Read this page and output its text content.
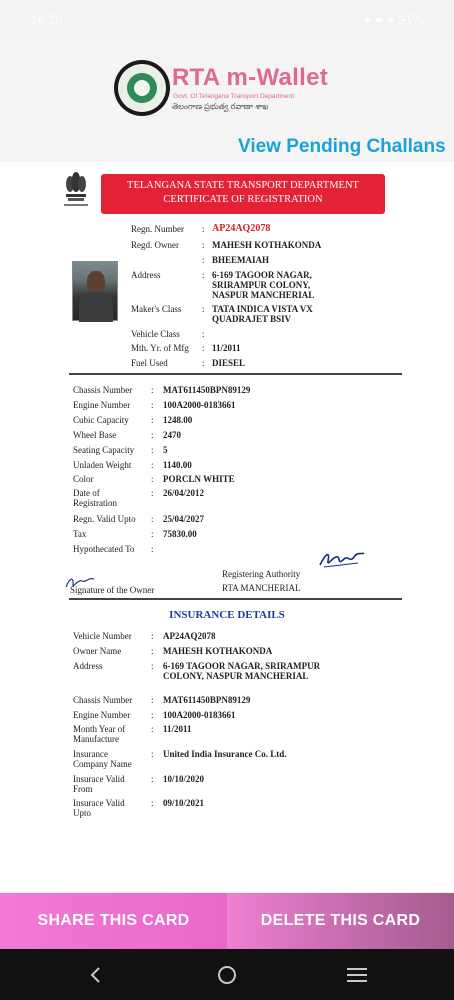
16:20	● ● ● 91%
RTA m-Wallet
Govt. Of Telangana Transport Department
తెలంగాణ ప్రభుత్వ రవాణా శాఖ
View Pending Challans
TELANGANA STATE TRANSPORT DEPARTMENT
CERTIFICATE OF REGISTRATION
Regn. Number : AP24AQ2078
Regd. Owner	: MAHESH KOTHAKONDA
: BHEEMAIAH
Address	: 6-169 TAGOOR NAGAR, SRIRAMPUR COLONY, NASPUR MANCHERIAL
Maker's Class : TATA INDICA VISTA VX QUADRAJET BSIV
Vehicle Class :
Mth. Yr. of Mfg : 11/2011
Fuel Used	: DIESEL
Chassis Number : MAT611450BPN89129
Engine Number : 100A2000-0183661
Cubic Capacity : 1248.00
Wheel Base	: 2470
Seating Capacity : 5
Unladen Weight : 1140.00
Color	: PORCLN WHITE
Date of Registration
: 26/04/2012
Regn. Valid Upto : 25/04/2027
Tax	: 75830.00
Hypothecated To :
Registering Authority
RTA MANCHERIAL
Signature of the Owner
INSURANCE DETAILS
Vehicle Number : AP24AQ2078
Owner Name	: MAHESH KOTHAKONDA
Address	: 6-169 TAGOOR NAGAR, SRIRAMPUR COLONY, NASPUR MANCHERIAL
Chassis Number : MAT611450BPN89129
Engine Number : 100A2000-0183661
Month Year of Manufacture
: 11/2011
Insurance Company Name
: United India Insurance Co. Ltd.
Insurace Valid From
: 10/10/2020
Insurace Valid Upto
: 09/10/2021
SHARE THIS CARD	DELETE THIS CARD
